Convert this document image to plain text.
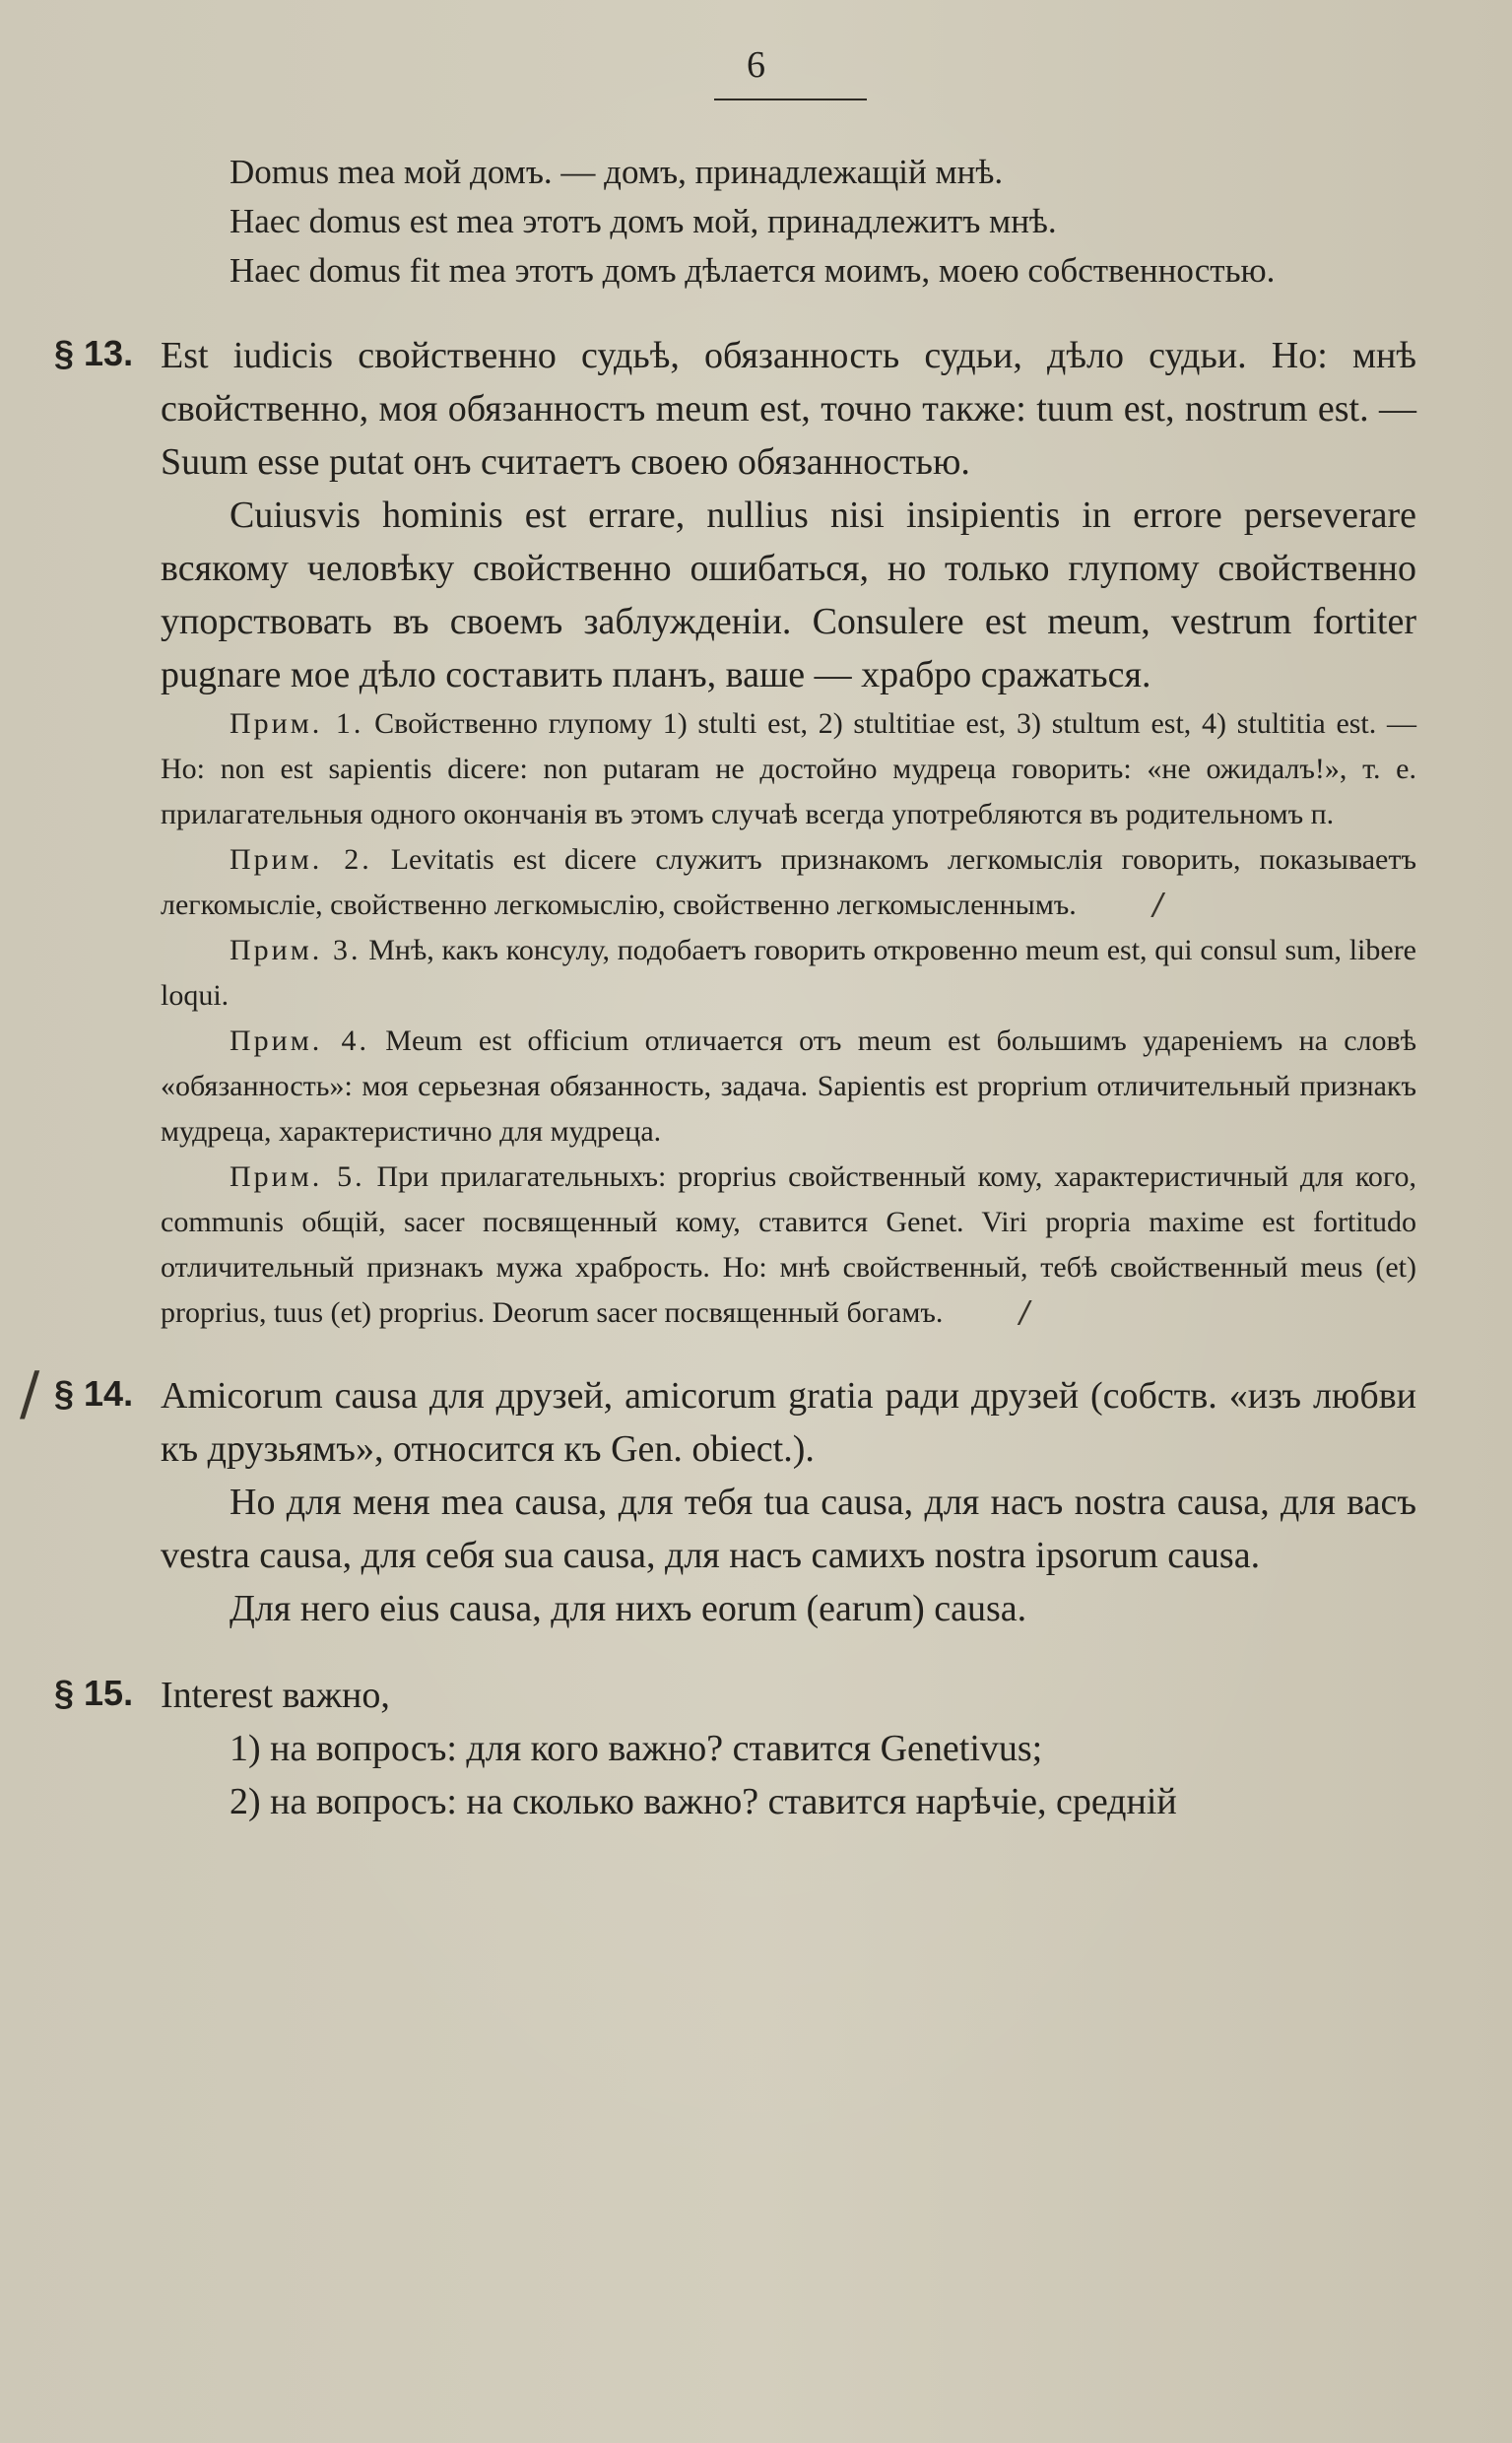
6

Domus mea мой домъ. — домъ, принадлежащій мнѣ.

Haec domus est mea этотъ домъ мой, принадлежитъ мнѣ.

Haec domus fit mea этотъ домъ дѣлается моимъ, моею собственностью.

§ 13. Est iudicis свойственно судьѣ, обязанность судьи, дѣло судьи. Но: мнѣ свойственно, моя обязанностъ meum est, точно также: tuum est, nostrum est. — Suum esse putat онъ считаетъ своею обязанностью.

Cuiusvis hominis est errare, nullius nisi insipientis in errore perseverare всякому человѣку свойственно ошибаться, но только глупому свойственно упорствовать въ своемъ заблужденіи. Consulere est meum, vestrum fortiter pugnare мое дѣло составить планъ, ваше — храбро сражаться.

Прим. 1. Свойственно глупому 1) stulti est, 2) stultitiae est, 3) stultum est, 4) stultitia est. — Но: non est sapientis dicere: non putaram не достойно мудреца говорить: «не ожидалъ!», т. е. прилагательныя одного окончанія въ этомъ случаѣ всегда употребляются въ родительномъ п.

Прим. 2. Levitatis est dicere служитъ признакомъ легкомыслія говорить, показываетъ легкомысліе, свойственно легкомыслію, свойственно легкомысленнымъ.	/

Прим. 3. Мнѣ, какъ консулу, подобаетъ говорить откровенно meum est, qui consul sum, libere loqui.

Прим. 4. Meum est officium отличается отъ meum est большимъ удареніемъ на словѣ «обязанность»: моя серьезная обязанность, задача. Sapientis est proprium отличительный признакъ мудреца, характеристично для мудреца.

Прим. 5. При прилагательныхъ: proprius свойственный кому, характеристичный для кого, communis общій, sacer посвященный кому, ставится Genet. Viri propria maxime est fortitudo отличительный признакъ мужа храбрость. Но: мнѣ свойственный, тебѣ свойственный meus (et) proprius, tuus (et) proprius. Deorum sacer посвященный богамъ.	/

/ § 14. Amicorum causa для друзей, amicorum gratia ради друзей (собств. «изъ любви къ друзьямъ», относится къ Gen. obiect.).

Но для меня mea causa, для тебя tua causa, для насъ nostra causa, для васъ vestra causa, для себя sua causa, для насъ самихъ nostra ipsorum causa.

Для него eius causa, для нихъ eorum (earum) causa.

§ 15. Interest важно,

1) на вопросъ: для кого важно? ставится Genetivus;

2) на вопросъ: на сколько важно? ставится нарѣчіе, средній
